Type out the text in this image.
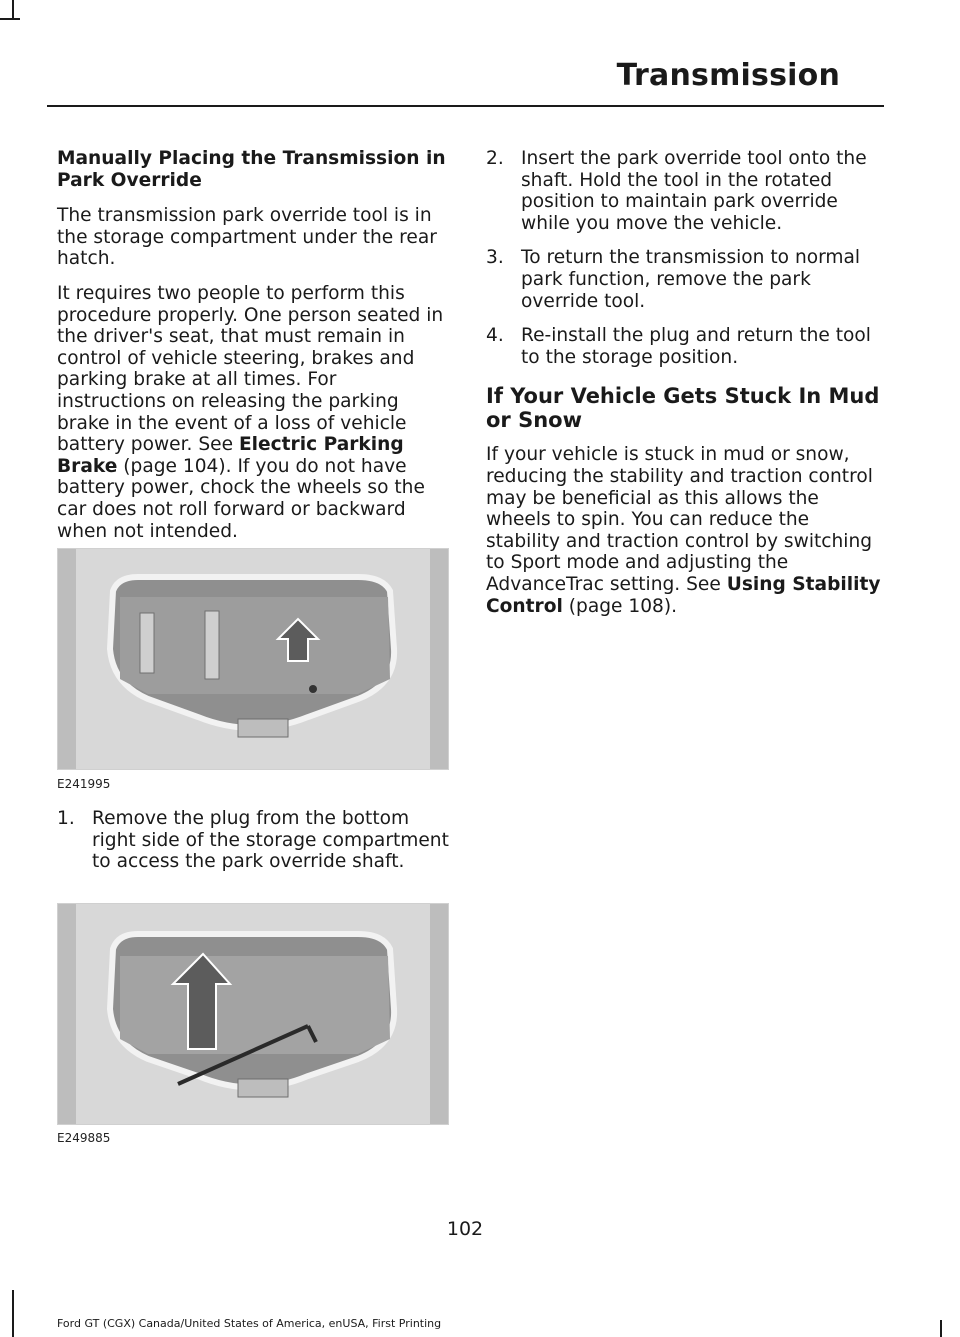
Transmission
Manually Placing the Transmission in Park Override

The transmission park override tool is in the storage compartment under the rear hatch.

It requires two people to perform this procedure properly. One person seated in the driver's seat, that must remain in control of vehicle steering, brakes and parking brake at all times. For instructions on releasing the parking brake in the event of a loss of vehicle battery power. See Electric Parking Brake (page 104). If you do not have battery power, chock the wheels so the car does not roll forward or backward when not intended.

E241995
1. Remove the plug from the bottom right side of the storage compartment to access the park override shaft.
E249885
2. Insert the park override tool onto the shaft. Hold the tool in the rotated position to maintain park override while you move the vehicle.
3. To return the transmission to normal park function, remove the park override tool.
4. Re-install the plug and return the tool to the storage position.
If Your Vehicle Gets Stuck In Mud or Snow

If your vehicle is stuck in mud or snow, reducing the stability and traction control may be beneficial as this allows the wheels to spin. You can reduce the stability and traction control by switching to Sport mode and adjusting the AdvanceTrac setting. See Using Stability Control (page 108).

102
Ford GT (CGX) Canada/United States of America, enUSA, First Printing
